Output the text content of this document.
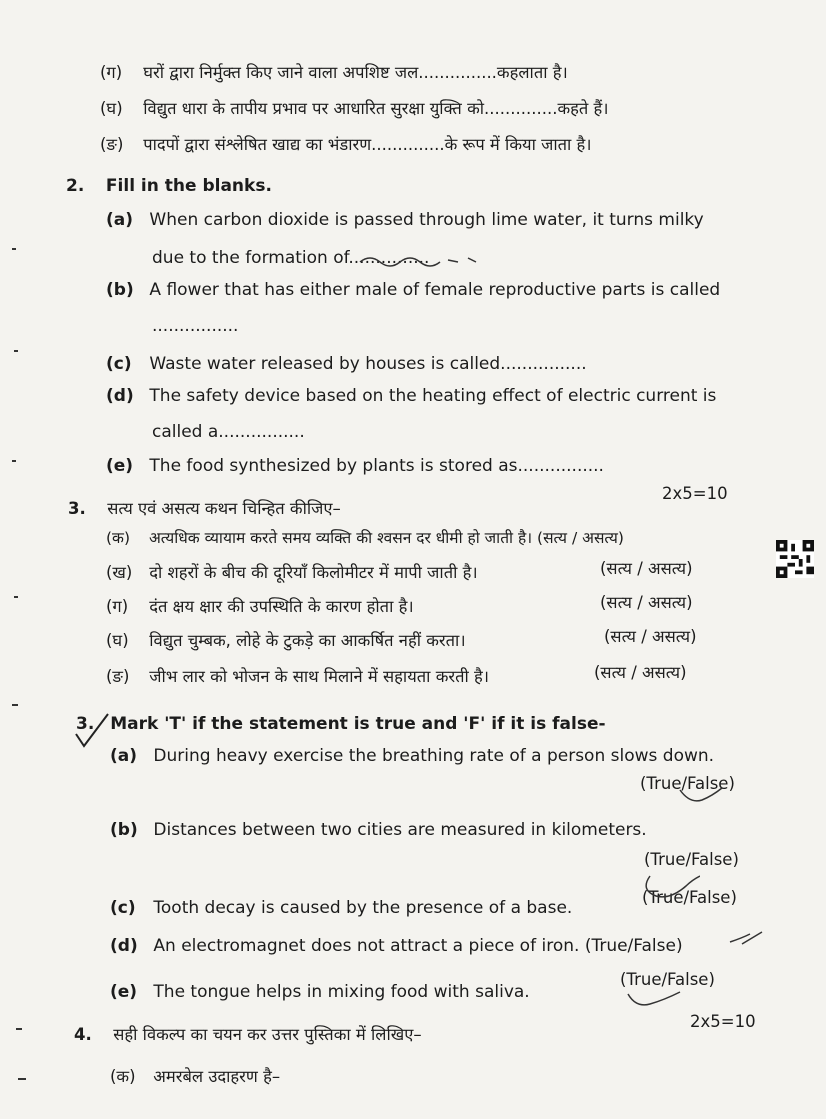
(ग) घरों द्वारा निर्मुक्त किए जाने वाला अपशिष्ट जल...............कहलाता है।
(घ) विद्युत धारा के तापीय प्रभाव पर आधारित सुरक्षा युक्ति को..............कहते हैं।
(ङ) पादपों द्वारा संश्लेषित खाद्य का भंडारण..............के रूप में किया जाता है।
2. Fill in the blanks.
(a) When carbon dioxide is passed through lime water, it turns milky
due to the formation of...............
(b) A flower that has either male of female reproductive parts is called
................
(c) Waste water released by houses is called................
(d) The safety device based on the heating effect of electric current is
called a................
(e) The food synthesized by plants is stored as................
3. सत्य एवं असत्य कथन चिन्हित कीजिए–
2x5=10
(क) अत्यधिक व्यायाम करते समय व्यक्ति की श्वसन दर धीमी हो जाती है। (सत्य / असत्य)
(ख) दो शहरों के बीच की दूरियाँ किलोमीटर में मापी जाती है।	(सत्य / असत्य)
(ग) दंत क्षय क्षार की उपस्थिति के कारण होता है।	(सत्य / असत्य)
(घ) विद्युत चुम्बक, लोहे के टुकड़े का आकर्षित नहीं करता।	(सत्य / असत्य)
(ङ) जीभ लार को भोजन के साथ मिलाने में सहायता करती है।	(सत्य / असत्य)
3. Mark 'T' if the statement is true and 'F' if it is false-
(a) During heavy exercise the breathing rate of a person slows down.
(True/False)
(b) Distances between two cities are measured in kilometers.
(True/False)
(c) Tooth decay is caused by the presence of a base.
(True/False)
(d) An electromagnet does not attract a piece of iron. (True/False)
(e) The tongue helps in mixing food with saliva.
(True/False)
4. सही विकल्प का चयन कर उत्तर पुस्तिका में लिखिए–
2x5=10
(क) अमरबेल उदाहरण है–
